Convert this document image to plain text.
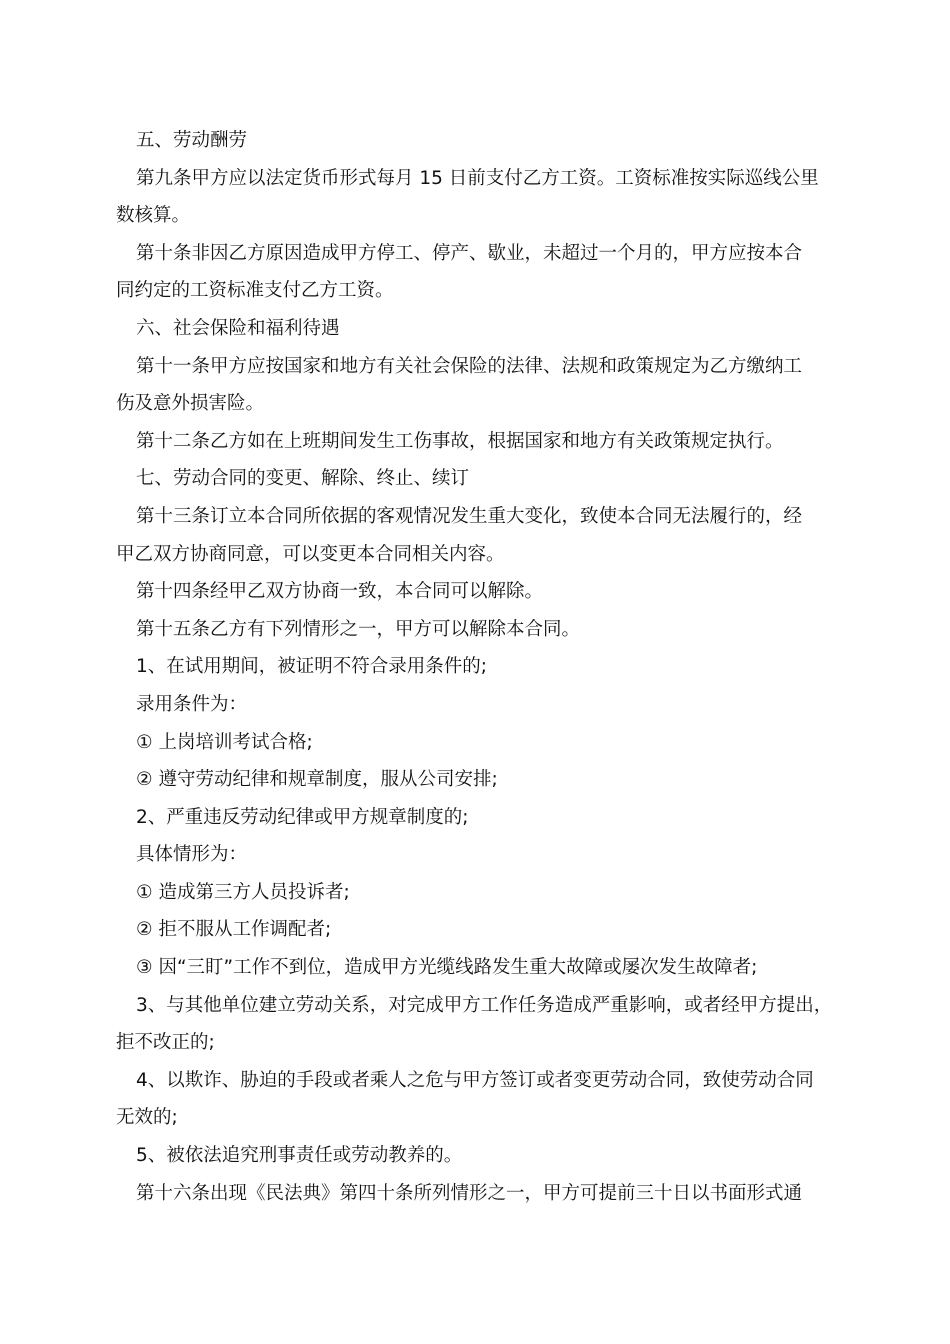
五、劳动酬劳
第九条甲方应以法定货币形式每月 15 日前支付乙方工资。工资标准按实际巡线公里
数核算。
第十条非因乙方原因造成甲方停工、停产、歇业，未超过一个月的，甲方应按本合
同约定的工资标准支付乙方工资。
六、社会保险和福利待遇
第十一条甲方应按国家和地方有关社会保险的法律、法规和政策规定为乙方缴纳工
伤及意外损害险。
第十二条乙方如在上班期间发生工伤事故，根据国家和地方有关政策规定执行。
七、劳动合同的变更、解除、终止、续订
第十三条订立本合同所依据的客观情况发生重大变化，致使本合同无法履行的，经
甲乙双方协商同意，可以变更本合同相关内容。
第十四条经甲乙双方协商一致，本合同可以解除。
第十五条乙方有下列情形之一，甲方可以解除本合同。
1、在试用期间，被证明不符合录用条件的;
录用条件为：
① 上岗培训考试合格;
② 遵守劳动纪律和规章制度，服从公司安排;
2、严重违反劳动纪律或甲方规章制度的;
具体情形为：
① 造成第三方人员投诉者;
② 拒不服从工作调配者;
③ 因“三盯”工作不到位，造成甲方光缆线路发生重大故障或屡次发生故障者;
3、与其他单位建立劳动关系，对完成甲方工作任务造成严重影响，或者经甲方提出，
拒不改正的;
4、以欺诈、胁迫的手段或者乘人之危与甲方签订或者变更劳动合同，致使劳动合同
无效的;
5、被依法追究刑事责任或劳动教养的。
第十六条出现《民法典》第四十条所列情形之一，甲方可提前三十日以书面形式通
